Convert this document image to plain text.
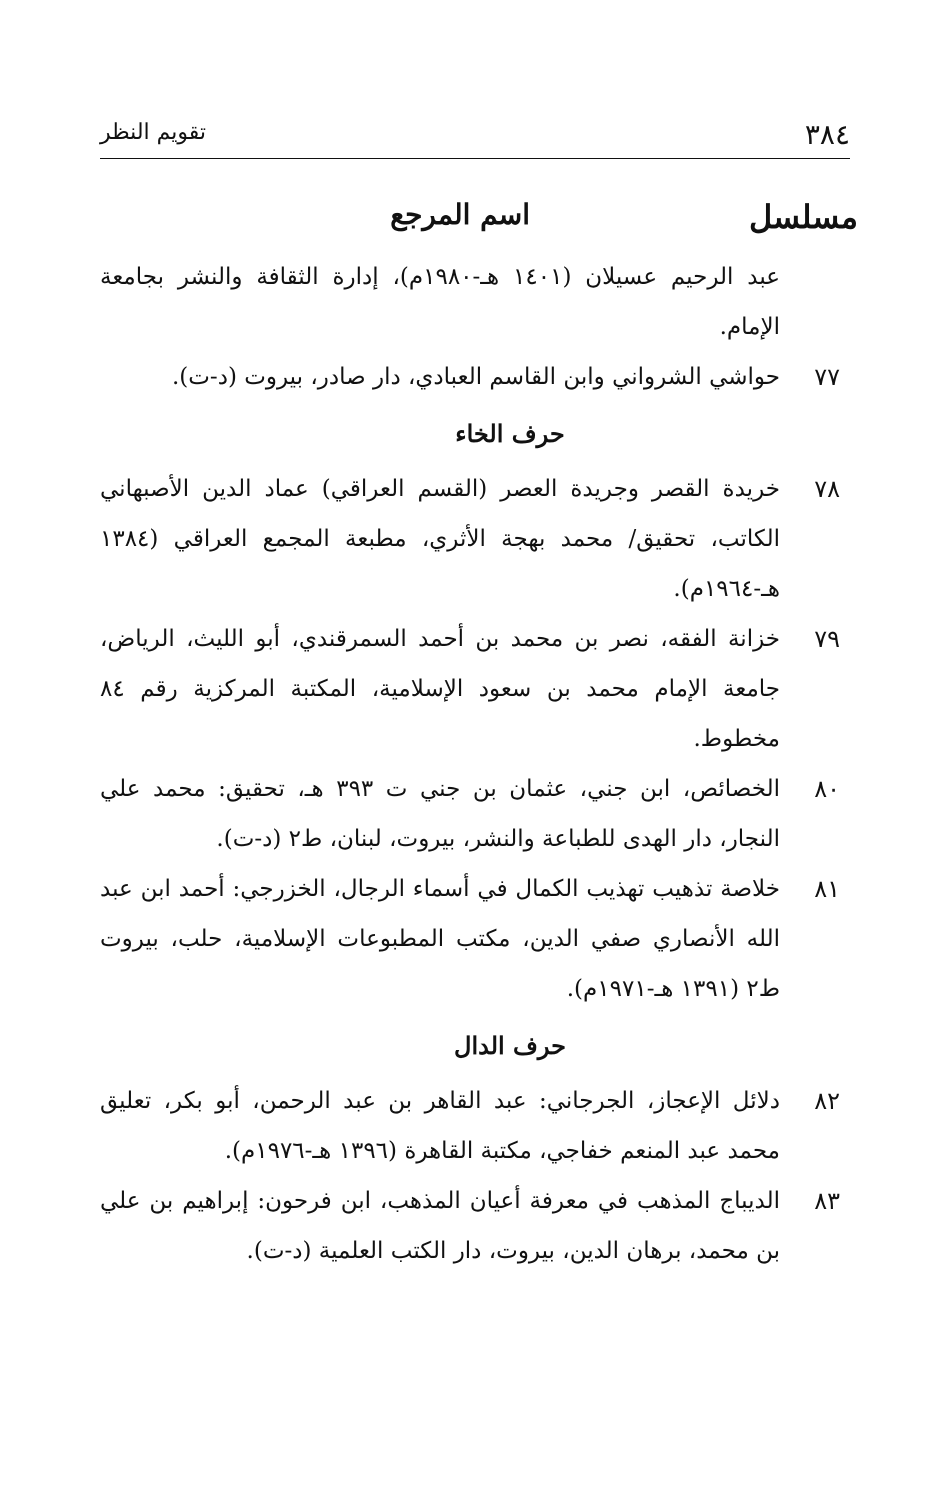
٣٨٤
تقويم النظر
مسلسل
اسم المرجع
عبد الرحيم عسيلان (١٤٠١ هـ-١٩٨٠م)، إدارة الثقافة والنشر بجامعة الإمام.
٧٧
حواشي الشرواني وابن القاسم العبادي، دار صادر، بيروت (د-ت).
حرف الخاء
٧٨
خريدة القصر وجريدة العصر (القسم العراقي) عماد الدين الأصبهاني الكاتب، تحقيق/ محمد بهجة الأثري، مطبعة المجمع العراقي (١٣٨٤ هـ-١٩٦٤م).
٧٩
خزانة الفقه، نصر بن محمد بن أحمد السمرقندي، أبو الليث، الرياض، جامعة الإمام محمد بن سعود الإسلامية، المكتبة المركزية رقم ٨٤ مخطوط.
٨٠
الخصائص، ابن جني، عثمان بن جني ت ٣٩٣ هـ، تحقيق: محمد علي النجار، دار الهدى للطباعة والنشر، بيروت، لبنان، ط٢ (د-ت).
٨١
خلاصة تذهيب تهذيب الكمال في أسماء الرجال، الخزرجي: أحمد ابن عبد الله الأنصاري صفي الدين، مكتب المطبوعات الإسلامية، حلب، بيروت ط٢ (١٣٩١ هـ-١٩٧١م).
حرف الدال
٨٢
دلائل الإعجاز، الجرجاني: عبد القاهر بن عبد الرحمن، أبو بكر، تعليق محمد عبد المنعم خفاجي، مكتبة القاهرة (١٣٩٦ هـ-١٩٧٦م).
٨٣
الديباج المذهب في معرفة أعيان المذهب، ابن فرحون: إبراهيم بن علي بن محمد، برهان الدين، بيروت، دار الكتب العلمية (د-ت).
